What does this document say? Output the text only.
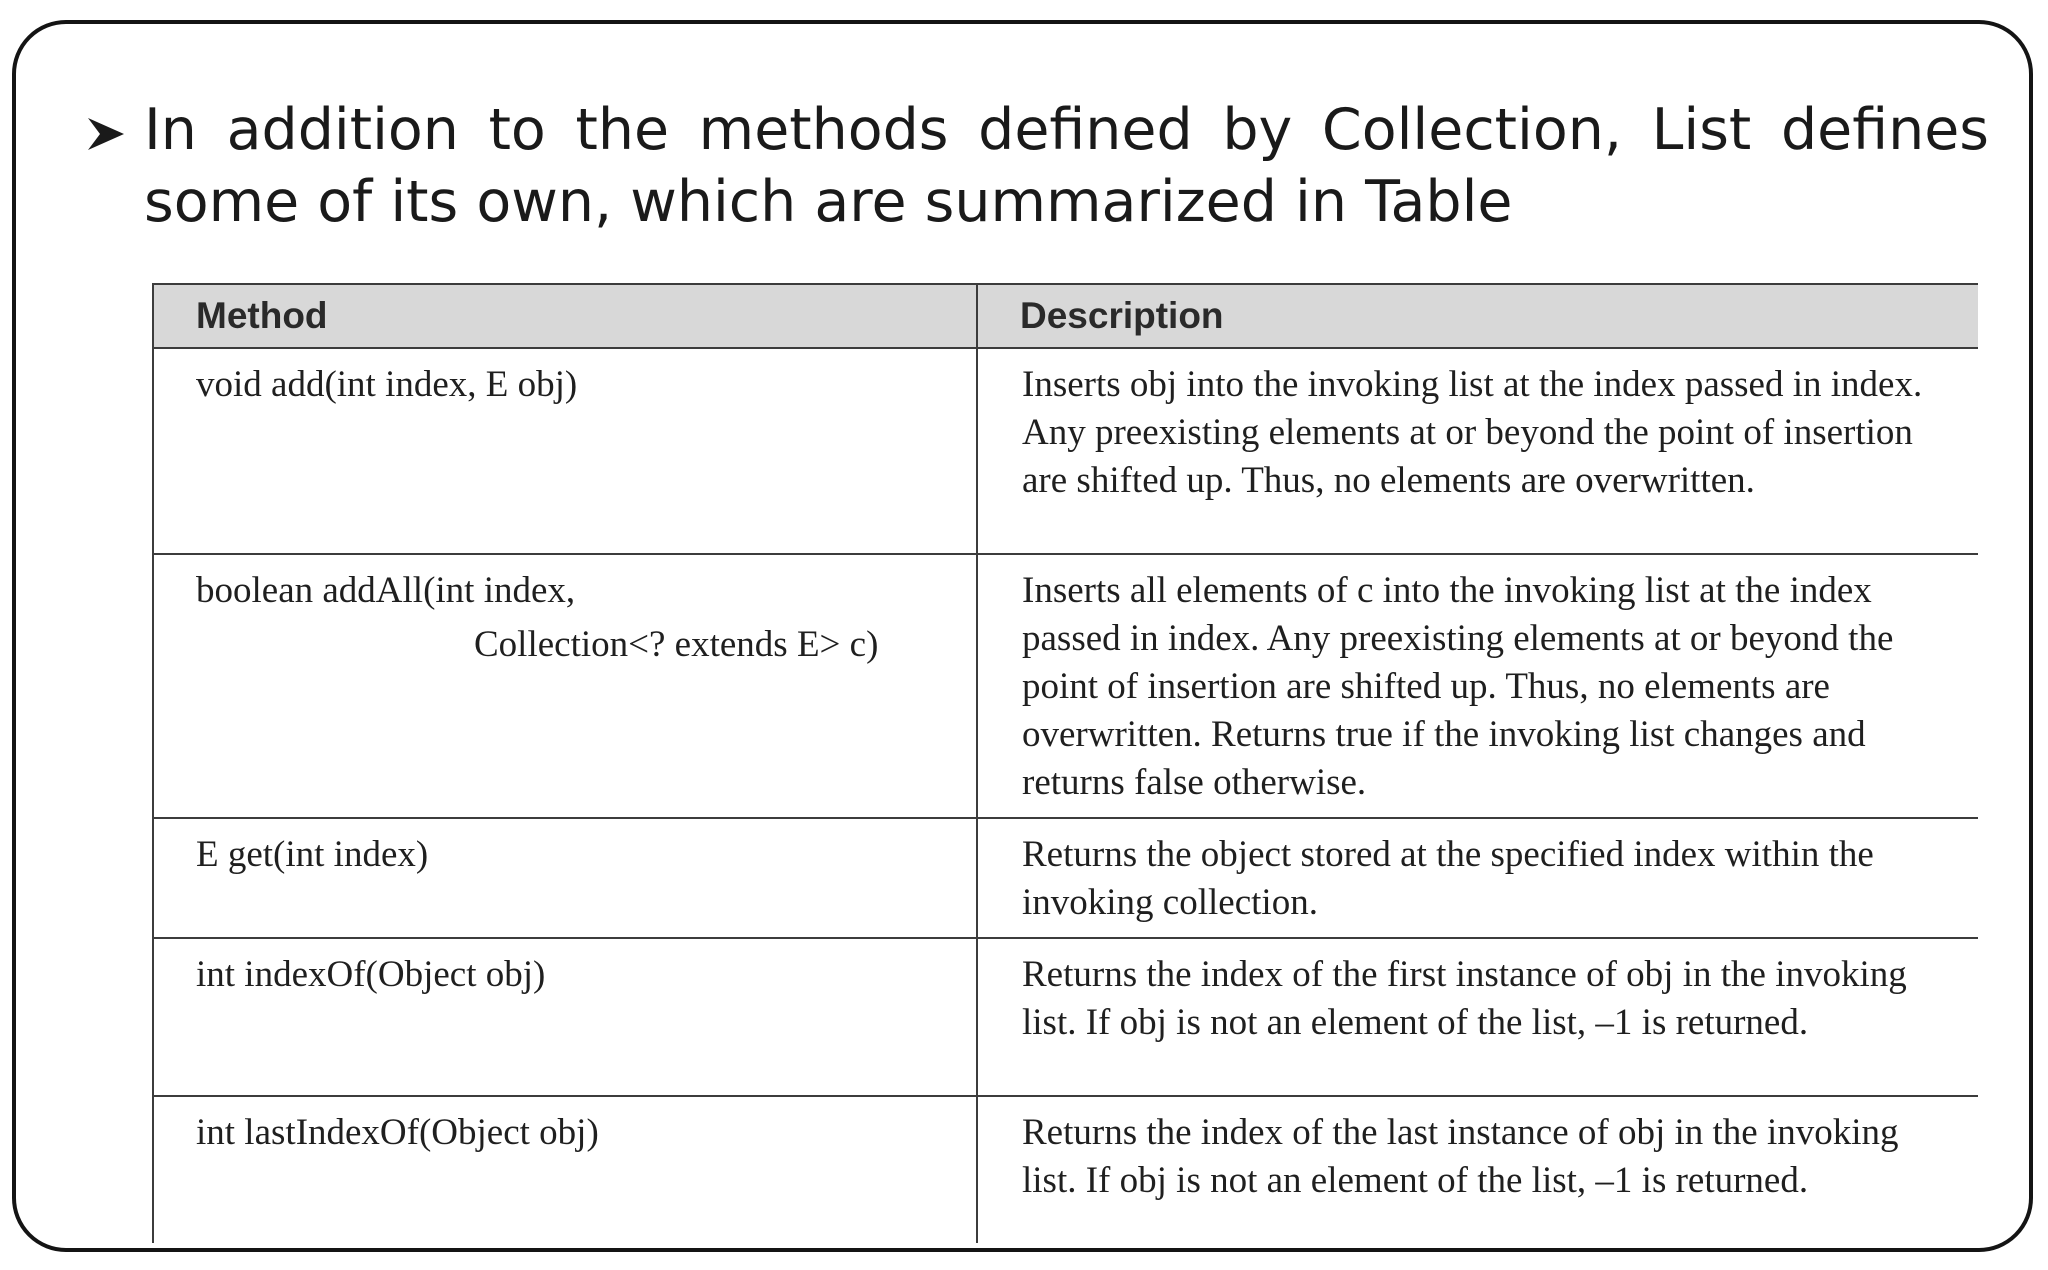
In addition to the methods defined by Collection, List defines some of its own, which are summarized in Table

Method	Description
void add(int index, E obj)	Inserts obj into the invoking list at the index passed in index. Any preexisting elements at or beyond the point of insertion are shifted up. Thus, no elements are overwritten.
boolean addAll(int index,
Collection<? extends E> c)	Inserts all elements of c into the invoking list at the index passed in index. Any preexisting elements at or beyond the point of insertion are shifted up. Thus, no elements are overwritten. Returns true if the invoking list changes and returns false otherwise.
E get(int index)	Returns the object stored at the specified index within the invoking collection.
int indexOf(Object obj)	Returns the index of the first instance of obj in the invoking list. If obj is not an element of the list, –1 is returned.
int lastIndexOf(Object obj)	Returns the index of the last instance of obj in the invoking list. If obj is not an element of the list, –1 is returned.
